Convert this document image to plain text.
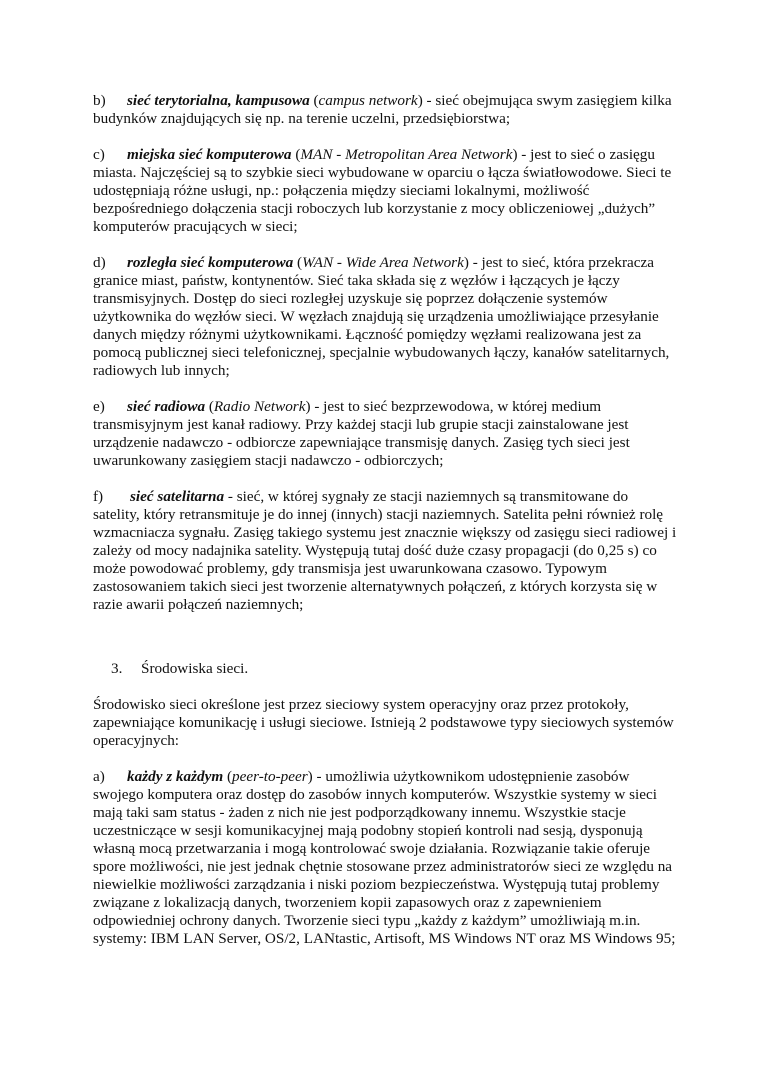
b) sieć terytorialna, kampusowa (campus network) - sieć obejmująca swym zasięgiem kilka budynków znajdujących się np. na terenie uczelni, przedsiębiorstwa;

c) miejska sieć komputerowa (MAN - Metropolitan Area Network) - jest to sieć o zasięgu miasta. Najczęściej są to szybkie sieci wybudowane w oparciu o łącza światłowodowe. Sieci te udostępniają różne usługi, np.: połączenia między sieciami lokalnymi, możliwość bezpośredniego dołączenia stacji roboczych lub korzystanie z mocy obliczeniowej „dużych” komputerów pracujących w sieci;

d) rozległa sieć komputerowa (WAN - Wide Area Network) - jest to sieć, która przekracza granice miast, państw, kontynentów. Sieć taka składa się z węzłów i łączących je łączy transmisyjnych. Dostęp do sieci rozległej uzyskuje się poprzez dołączenie systemów użytkownika do węzłów sieci. W węzłach znajdują się urządzenia umożliwiające przesyłanie danych między różnymi użytkownikami. Łączność pomiędzy węzłami realizowana jest za pomocą publicznej sieci telefonicznej, specjalnie wybudowanych łączy, kanałów satelitarnych, radiowych lub innych;

e) sieć radiowa (Radio Network) - jest to sieć bezprzewodowa, w której medium transmisyjnym jest kanał radiowy. Przy każdej stacji lub grupie stacji zainstalowane jest urządzenie nadawczo - odbiorcze zapewniające transmisję danych. Zasięg tych sieci jest uwarunkowany zasięgiem stacji nadawczo - odbiorczych;

f) sieć satelitarna - sieć, w której sygnały ze stacji naziemnych są transmitowane do satelity, który retransmituje je do innej (innych) stacji naziemnych. Satelita pełni również rolę wzmacniacza sygnału. Zasięg takiego systemu jest znacznie większy od zasięgu sieci radiowej i zależy od mocy nadajnika satelity. Występują tutaj dość duże czasy propagacji (do 0,25 s) co może powodować problemy, gdy transmisja jest uwarunkowana czasowo. Typowym zastosowaniem takich sieci jest tworzenie alternatywnych połączeń, z których korzysta się w razie awarii połączeń naziemnych;

3. Środowiska sieci.

Środowisko sieci określone jest przez sieciowy system operacyjny oraz przez protokoły, zapewniające komunikację i usługi sieciowe. Istnieją 2 podstawowe typy sieciowych systemów operacyjnych:

a) każdy z każdym (peer-to-peer) - umożliwia użytkownikom udostępnienie zasobów swojego komputera oraz dostęp do zasobów innych komputerów. Wszystkie systemy w sieci mają taki sam status - żaden z nich nie jest podporządkowany innemu. Wszystkie stacje uczestniczące w sesji komunikacyjnej mają podobny stopień kontroli nad sesją, dysponują własną mocą przetwarzania i mogą kontrolować swoje działania. Rozwiązanie takie oferuje spore możliwości, nie jest jednak chętnie stosowane przez administratorów sieci ze względu na niewielkie możliwości zarządzania i niski poziom bezpieczeństwa. Występują tutaj problemy związane z lokalizacją danych, tworzeniem kopii zapasowych oraz z zapewnieniem odpowiedniej ochrony danych. Tworzenie sieci typu „każdy z każdym” umożliwiają m.in. systemy: IBM LAN Server, OS/2, LANtastic, Artisoft, MS Windows NT oraz MS Windows 95;
